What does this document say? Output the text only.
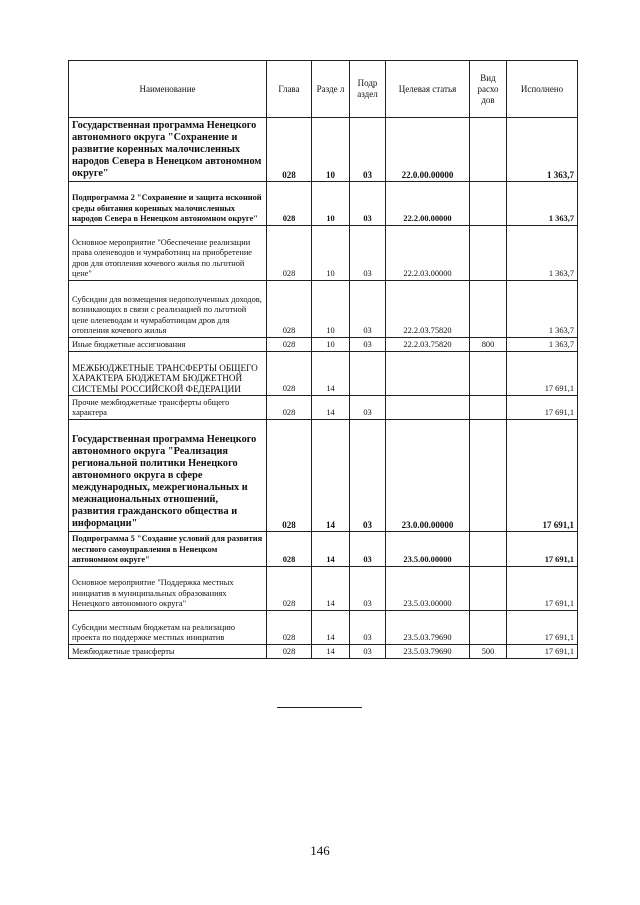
Наименование	Глава	Разде л	Подр аздел	Целевая статья	Вид расхо дов	Исполнено
Государственная программа Ненецкого автономного округа "Сохранение и развитие коренных малочисленных народов Севера в Ненецком автономном округе"	028	10	03	22.0.00.00000		1 363,7
Подпрограмма 2 "Сохранение и защита исконной среды обитания коренных малочисленных народов Севера в Ненецком автономном округе"	028	10	03	22.2.00.00000		1 363,7
Основное мероприятие "Обеспечение реализации права оленеводов и чумработниц на приобретение дров для отопления кочевого жилья по льготной цене"	028	10	03	22.2.03.00000		1 363,7
Субсидии для возмещения недополученных доходов, возникающих в связи с реализацией по льготной цене оленеводам и чумработницам дров для отопления кочевого жилья	028	10	03	22.2.03.75820		1 363,7
Иные бюджетные ассигнования	028	10	03	22.2.03.75820	800	1 363,7
МЕЖБЮДЖЕТНЫЕ ТРАНСФЕРТЫ ОБЩЕГО ХАРАКТЕРА БЮДЖЕТАМ БЮДЖЕТНОЙ СИСТЕМЫ РОССИЙСКОЙ ФЕДЕРАЦИИ	028	14				17 691,1
Прочие межбюджетные трансферты общего характера	028	14	03			17 691,1
Государственная программа Ненецкого автономного округа "Реализация региональной политики Ненецкого автономного округа в сфере международных, межрегиональных и межнациональных отношений, развития гражданского общества и информации"	028	14	03	23.0.00.00000		17 691,1
Подпрограмма 5 "Создание условий для развития местного самоуправления в Ненецком автономном округе"	028	14	03	23.5.00.00000		17 691,1
Основное мероприятие "Поддержка местных инициатив в муниципальных образованиях Ненецкого автономного округа"	028	14	03	23.5.03.00000		17 691,1
Субсидии местным бюджетам на реализацию проекта по поддержке местных инициатив	028	14	03	23.5.03.79690		17 691,1
Межбюджетные трансферты	028	14	03	23.5.03.79690	500	17 691,1
146
